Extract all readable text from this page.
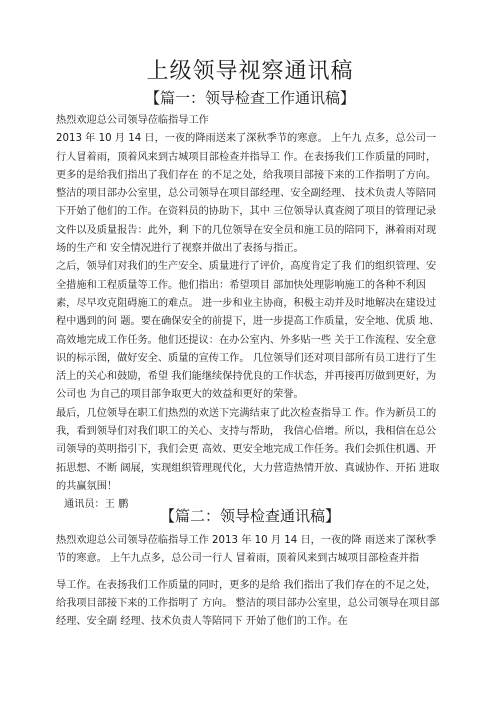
上级领导视察通讯稿
【篇一：领导检查工作通讯稿】

热烈欢迎总公司领导莅临指导工作

2013 年 10 月 14 日，一夜的降雨送来了深秋季节的寒意。 上午九 点多，总公司一行人冒着雨，顶着风来到古城项目部检查并指导工 作。在表扬我们工作质量的同时，更多的是给我们指出了我们存在 的不足之处，给我项目部接下来的工作指明了方向。

整洁的项目部办公室里，总公司领导在项目部经理、安全副经理、 技术负责人等陪同下开始了他们的工作。在资料员的协助下，其中 三位领导认真查阅了项目的管理记录文件以及质量报告：此外，剩 下的几位领导在安全员和施工员的陪同下，淋着雨对现场的生产和 安全情况进行了视察并做出了表扬与指正。

之后，领导们对我们的生产安全、质量进行了评价，高度肯定了我 们的组织管理、安全措施和工程质量等工作。他们指出：希望项目 部加快处理影响施工的各种不利因素，尽早攻克阻碍施工的难点。 进一步和业主协商，积极主动并及时地解决在建设过程中遇到的问 题。要在确保安全的前提下，进一步提高工作质量，安全地、优质 地、高效地完成工作任务。他们还提议：在办公室内、外多贴一些 关于工作流程、安全意识的标示图，做好安全、质量的宣传工作。 几位领导们还对项目部所有员工进行了生活上的关心和鼓励，希望 我们能继续保持优良的工作状态，并再接再厉做到更好，为公司也 为自己的项目部争取更大的效益和更好的荣誉。

最后，几位领导在职工们热烈的欢送下完满结束了此次检查指导工 作。作为新员工的我，看到领导们对我们职工的关心、支持与帮助， 我信心倍增。所以，我相信在总公司领导的英明指引下，我们会更 高效、更安全地完成工作任务。我们会抓住机遇、开拓思想、不断 阔展，实现组织管理现代化，大力营造热情开放、真诚协作、开拓 进取的共赢氛围！

通讯员：王 鹏

【篇二：领导检查通讯稿】

热烈欢迎总公司领导莅临指导工作 2013 年 10 月 14 日，一夜的降 雨送来了深秋季节的寒意。 上午九点多，总公司一行人 冒着雨，顶着风来到古城项目部检查并指

导工作。在表扬我们工作质量的同时，更多的是给 我们指出了我们存在的不足之处，给我项目部接下来的工作指明了 方向。 整洁的项目部办公室里，总公司领导在项目部经理、安全副 经理、技术负责人等陪同下 开始了他们的工作。在
